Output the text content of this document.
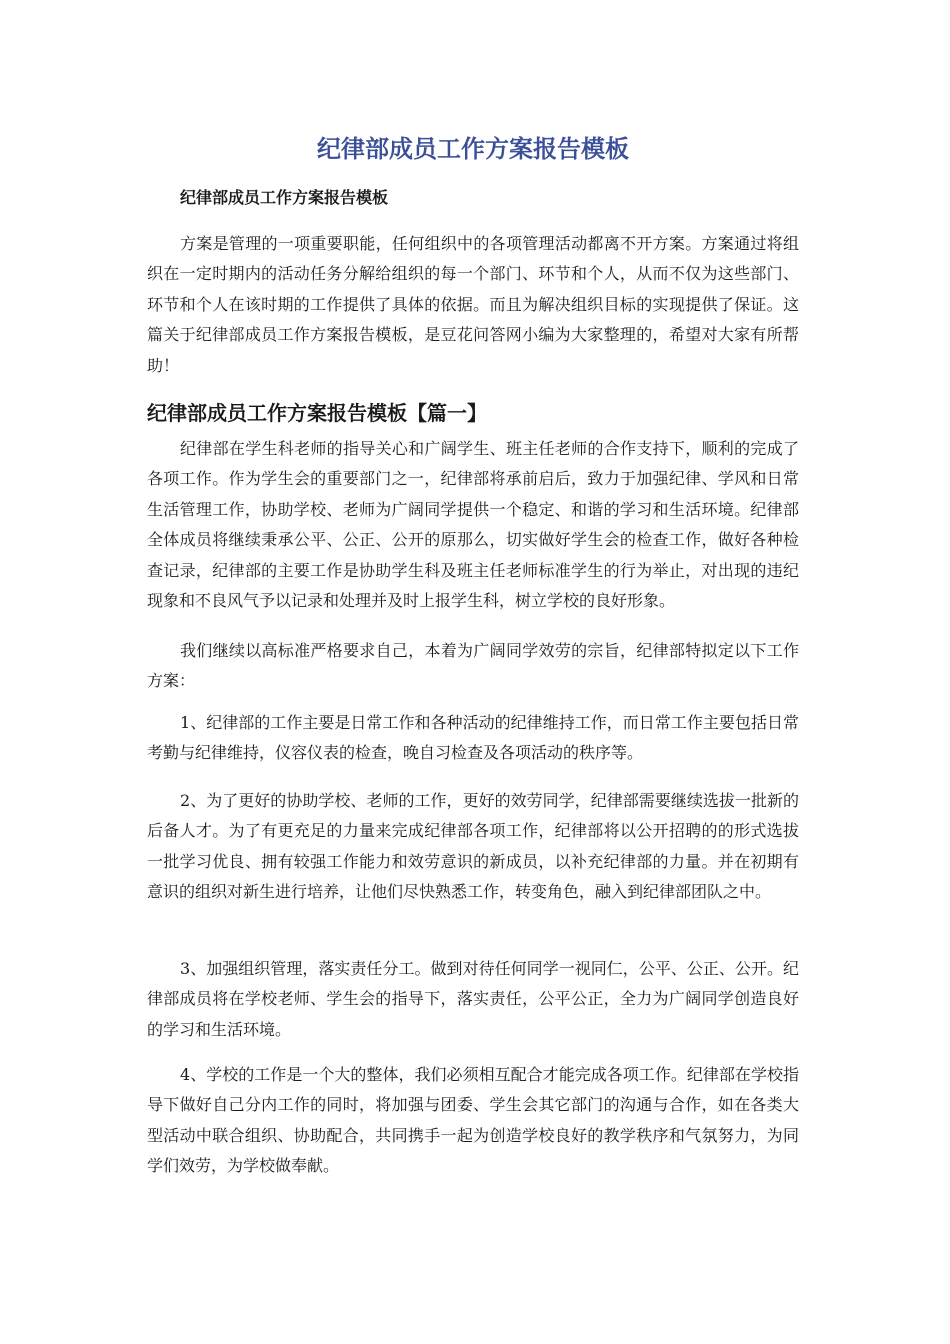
纪律部成员工作方案报告模板

纪律部成员工作方案报告模板

方案是管理的一项重要职能，任何组织中的各项管理活动都离不开方案。方案通过将组织在一定时期内的活动任务分解给组织的每一个部门、环节和个人，从而不仅为这些部门、环节和个人在该时期的工作提供了具体的依据。而且为解决组织目标的实现提供了保证。这篇关于纪律部成员工作方案报告模板，是豆花问答网小编为大家整理的，希望对大家有所帮助！

纪律部成员工作方案报告模板【篇一】

纪律部在学生科老师的指导关心和广阔学生、班主任老师的合作支持下，顺利的完成了各项工作。作为学生会的重要部门之一，纪律部将承前启后，致力于加强纪律、学风和日常生活管理工作，协助学校、老师为广阔同学提供一个稳定、和谐的学习和生活环境。纪律部全体成员将继续秉承公平、公正、公开的原那么，切实做好学生会的检查工作，做好各种检查记录，纪律部的主要工作是协助学生科及班主任老师标准学生的行为举止，对出现的违纪现象和不良风气予以记录和处理并及时上报学生科，树立学校的良好形象。

我们继续以高标准严格要求自己，本着为广阔同学效劳的宗旨，纪律部特拟定以下工作方案：

1、纪律部的工作主要是日常工作和各种活动的纪律维持工作，而日常工作主要包括日常考勤与纪律维持，仪容仪表的检查，晚自习检查及各项活动的秩序等。

2、为了更好的协助学校、老师的工作，更好的效劳同学，纪律部需要继续选拔一批新的后备人才。为了有更充足的力量来完成纪律部各项工作，纪律部将以公开招聘的的形式选拔一批学习优良、拥有较强工作能力和效劳意识的新成员，以补充纪律部的力量。并在初期有意识的组织对新生进行培养，让他们尽快熟悉工作，转变角色，融入到纪律部团队之中。

3、加强组织管理，落实责任分工。做到对待任何同学一视同仁，公平、公正、公开。纪律部成员将在学校老师、学生会的指导下，落实责任，公平公正，全力为广阔同学创造良好的学习和生活环境。

4、学校的工作是一个大的整体，我们必须相互配合才能完成各项工作。纪律部在学校指导下做好自己分内工作的同时，将加强与团委、学生会其它部门的沟通与合作，如在各类大型活动中联合组织、协助配合，共同携手一起为创造学校良好的教学秩序和气氛努力，为同学们效劳，为学校做奉献。
